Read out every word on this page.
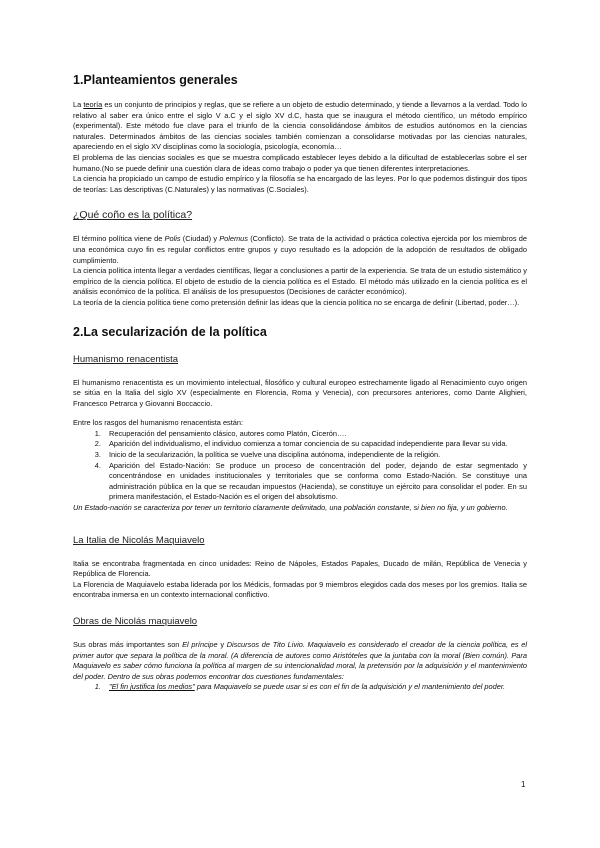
1.Planteamientos generales

La teoría es un conjunto de principios y reglas, que se refiere a un objeto de estudio determinado, y tiende a llevarnos a la verdad. Todo lo relativo al saber era único entre el siglo V a.C y el siglo XV d.C, hasta que se inaugura el método científico, un método empírico (experimental). Este método fue clave para el triunfo de la ciencia consolidándose ámbitos de estudios autónomos en la ciencias naturales. Determinados ámbitos de las ciencias sociales también comienzan a consolidarse motivadas por las ciencias naturales, apareciendo en el siglo XV disciplinas como la sociología, psicología, economía…

El problema de las ciencias sociales es que se muestra complicado establecer leyes debido a la dificultad de establecerlas sobre el ser humano.(No se puede definir una cuestión clara de ideas como trabajo o poder ya que tienen diferentes interpretaciones.

La ciencia ha propiciado un campo de estudio empírico y la filosofía se ha encargado de las leyes. Por lo que podemos distinguir dos tipos de teorías: Las descriptivas (C.Naturales) y las normativas (C.Sociales).

¿Qué coño es la política?

El término política viene de Polis (Ciudad) y Polemus (Conflicto). Se trata de la actividad o práctica colectiva ejercida por los miembros de una económica cuyo fin es regular conflictos entre grupos y cuyo resultado es la adopción de la adopción de resultados de obligado cumplimiento.

La ciencia política intenta llegar a verdades científicas, llegar a conclusiones a partir de la experiencia. Se trata de un estudio sistemático y empírico de la ciencia política. El objeto de estudio de la ciencia política es el Estado. El método más utilizado en la ciencia política es el análisis económico de la política. El análisis de los presupuestos (Decisiones de carácter económico).

La teoría de la ciencia política tiene como pretensión definir las ideas que la ciencia política no se encarga de definir (Libertad, poder…).

2.La secularización de la política
Humanismo renacentista

El humanismo renacentista es un movimiento intelectual, filosófico y cultural europeo estrechamente ligado al Renacimiento cuyo origen se sitúa en la Italia del siglo XV (especialmente en Florencia, Roma y Venecia), con precursores anteriores, como Dante Alighieri, Francesco Petrarca y Giovanni Boccaccio.

Entre los rasgos del humanismo renacentista están:

1. Recuperación del pensamiento clásico, autores como Platón, Cicerón….
2. Aparición del individualismo, el individuo comienza a tomar conciencia de su capacidad independiente para llevar su vida.
3. Inicio de la secularización, la política se vuelve una disciplina autónoma, independiente de la religión.
4. Aparición del Estado-Nación: Se produce un proceso de concentración del poder, dejando de estar segmentado y concentrándose en unidades institucionales y territoriales que se conforma como Estado-Nación. Se constituye una administración pública en la que se recaudan impuestos (Hacienda), se constituye un ejército para consolidar el poder. En su primera manifestación, el Estado-Nación es el origen del absolutismo.

Un Estado-nación se caracteriza por tener un territorio claramente delimitado, una población constante, si bien no fija, y un gobierno.

La Italia de Nicolás Maquiavelo

Italia se encontraba fragmentada en cinco unidades: Reino de Nápoles, Estados Papales, Ducado de milán, República de Venecia y República de Florencia.

La Florencia de Maquiavelo estaba liderada por los Médicis, formadas por 9 miembros elegidos cada dos meses por los gremios. Italia se encontraba inmersa en un contexto internacional conflictivo.

Obras de Nicolás maquiavelo

Sus obras más importantes son El príncipe y Discursos de Tito Livio. Maquiavelo es considerado el creador de la ciencia política, es el primer autor que separa la política de la moral. (A diferencia de autores como Aristóteles que la juntaba con la moral (Bien común). Para Maquiavelo es saber cómo funciona la política al margen de su intencionalidad moral, la pretensión por la adquisición y el mantenimiento del poder. Dentro de sus obras podemos encontrar dos cuestiones fundamentales:

1. "El fin justifica los medios" para Maquiavelo se puede usar si es con el fin de la adquisición y el mantenimiento del poder.
1
